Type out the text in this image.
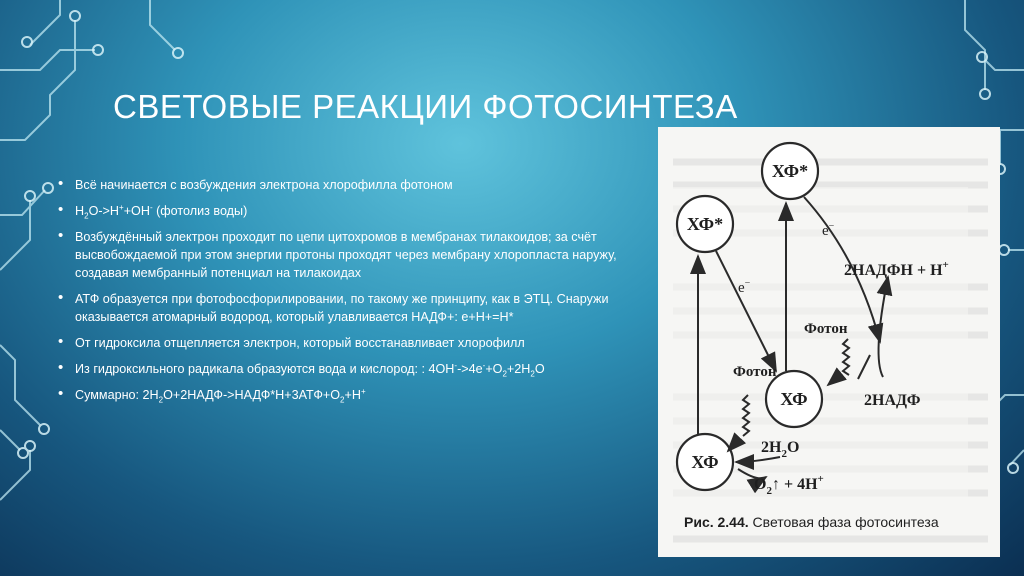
СВЕТОВЫЕ РЕАКЦИИ ФОТОСИНТЕЗА
• Всё начинается с возбуждения электрона хлорофилла фотоном
• $H_2O->H^++OH^-$ (фотолиз воды)
• Возбуждённый электрон проходит по цепи цитохромов в мембранах тилакоидов; за счёт высвобождаемой при этом энергии протоны проходят через мембрану хлоропласта наружу, создавая мембранный потенциал на тилакоидах
• АТФ образуется при фотофосфорилировании, по такому же принципу, как в ЭТЦ. Снаружи оказывается атомарный водород, который улавливается НАДФ+: е+Н+=Н*
• От гидроксила отщепляется электрон, который восстанавливает хлорофилл
• Из гидроксильного радикала образуются вода и кислород: : $4ОН^-->4е^-+O_2+2Н_2О$
• Суммарно: $2Н_2О+2НАДФ->НАДФ*Н+3АТФ+О_2+Н^+$
ХФ*
ХФ*
ХФ
ХФ
e−
e−
Фотон
Фотон
2НАДФН + Н+
2НАДФ
$2H_2O$
$O_2↑ + 4H^+$
Рис. 2.44. Световая фаза фотосинтеза
